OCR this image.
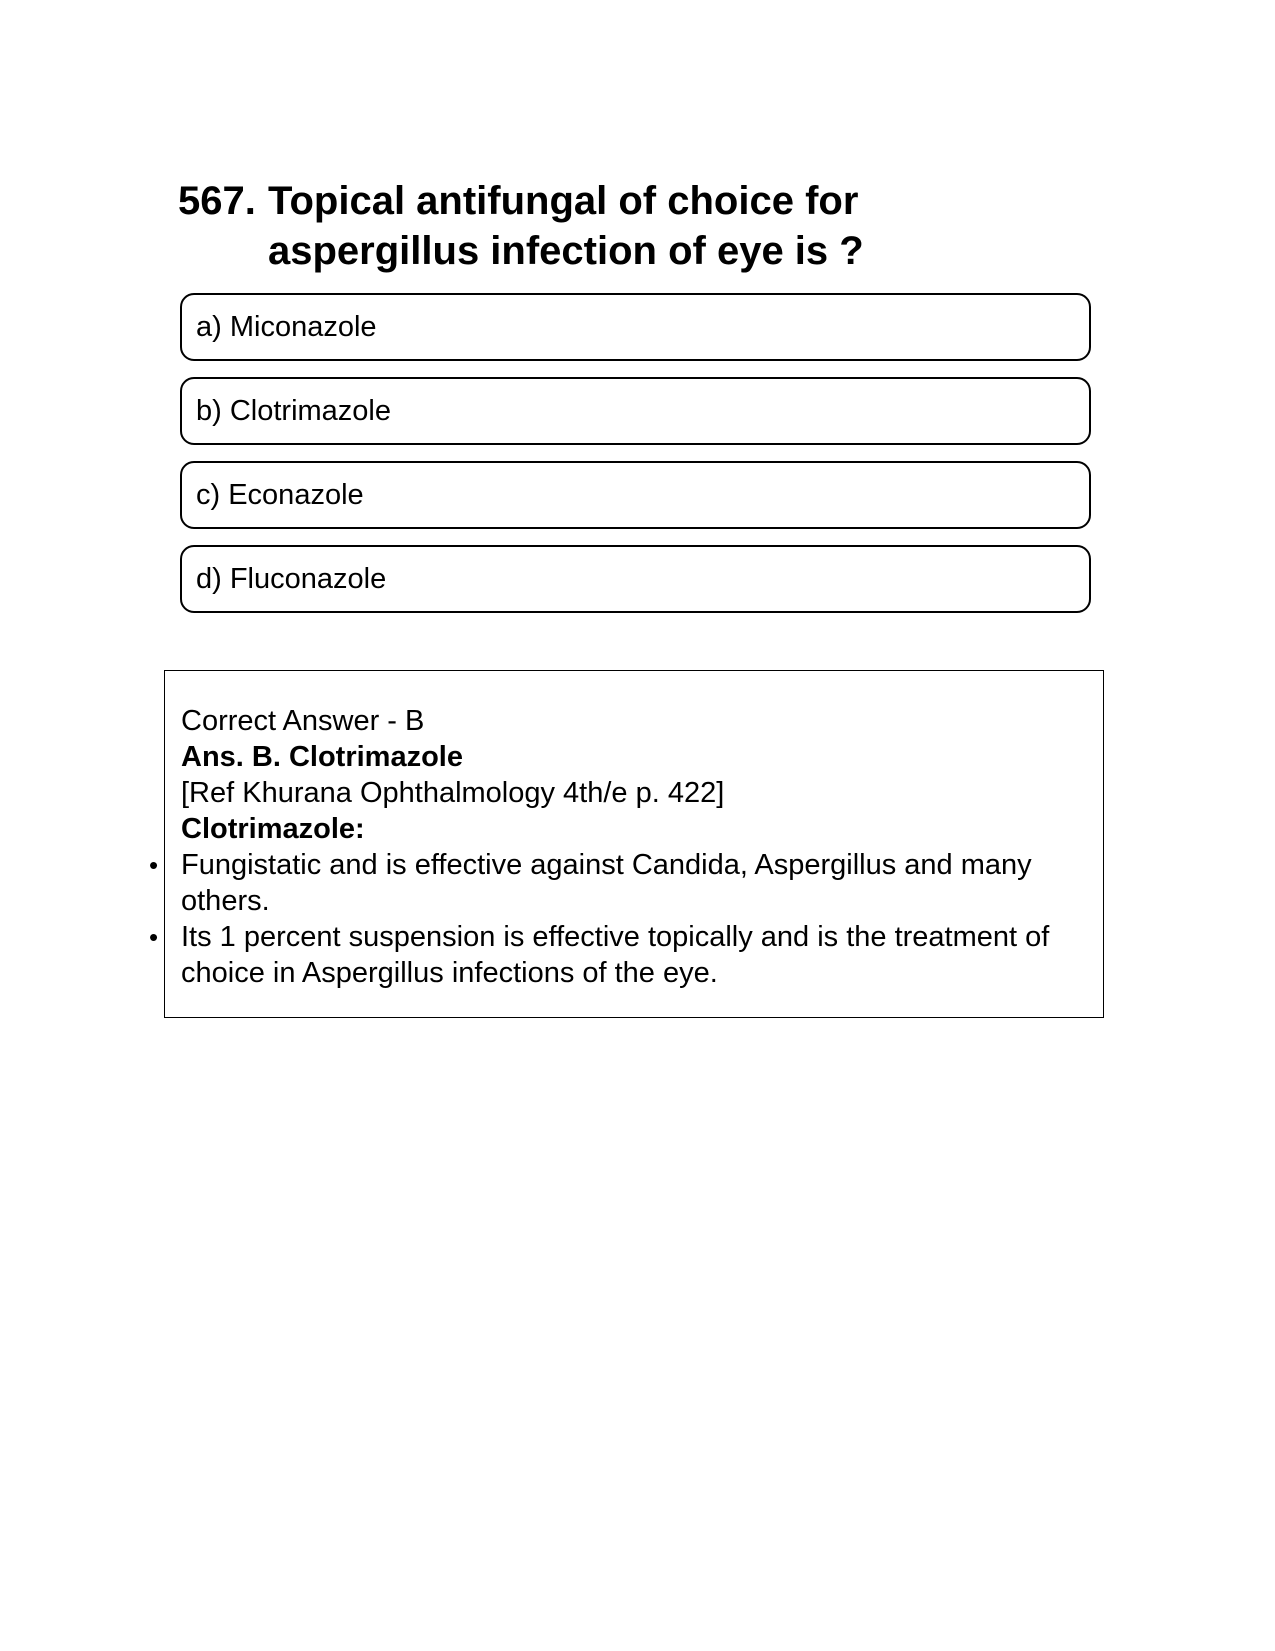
567. Topical antifungal of choice for aspergillus infection of eye is ?
a) Miconazole
b) Clotrimazole
c) Econazole
d) Fluconazole
Correct Answer - B
Ans. B. Clotrimazole
[Ref Khurana Ophthalmology 4th/e p. 422]
Clotrimazole:
• Fungistatic and is effective against Candida, Aspergillus and many others.
• Its 1 percent suspension is effective topically and is the treatment of choice in Aspergillus infections of the eye.
